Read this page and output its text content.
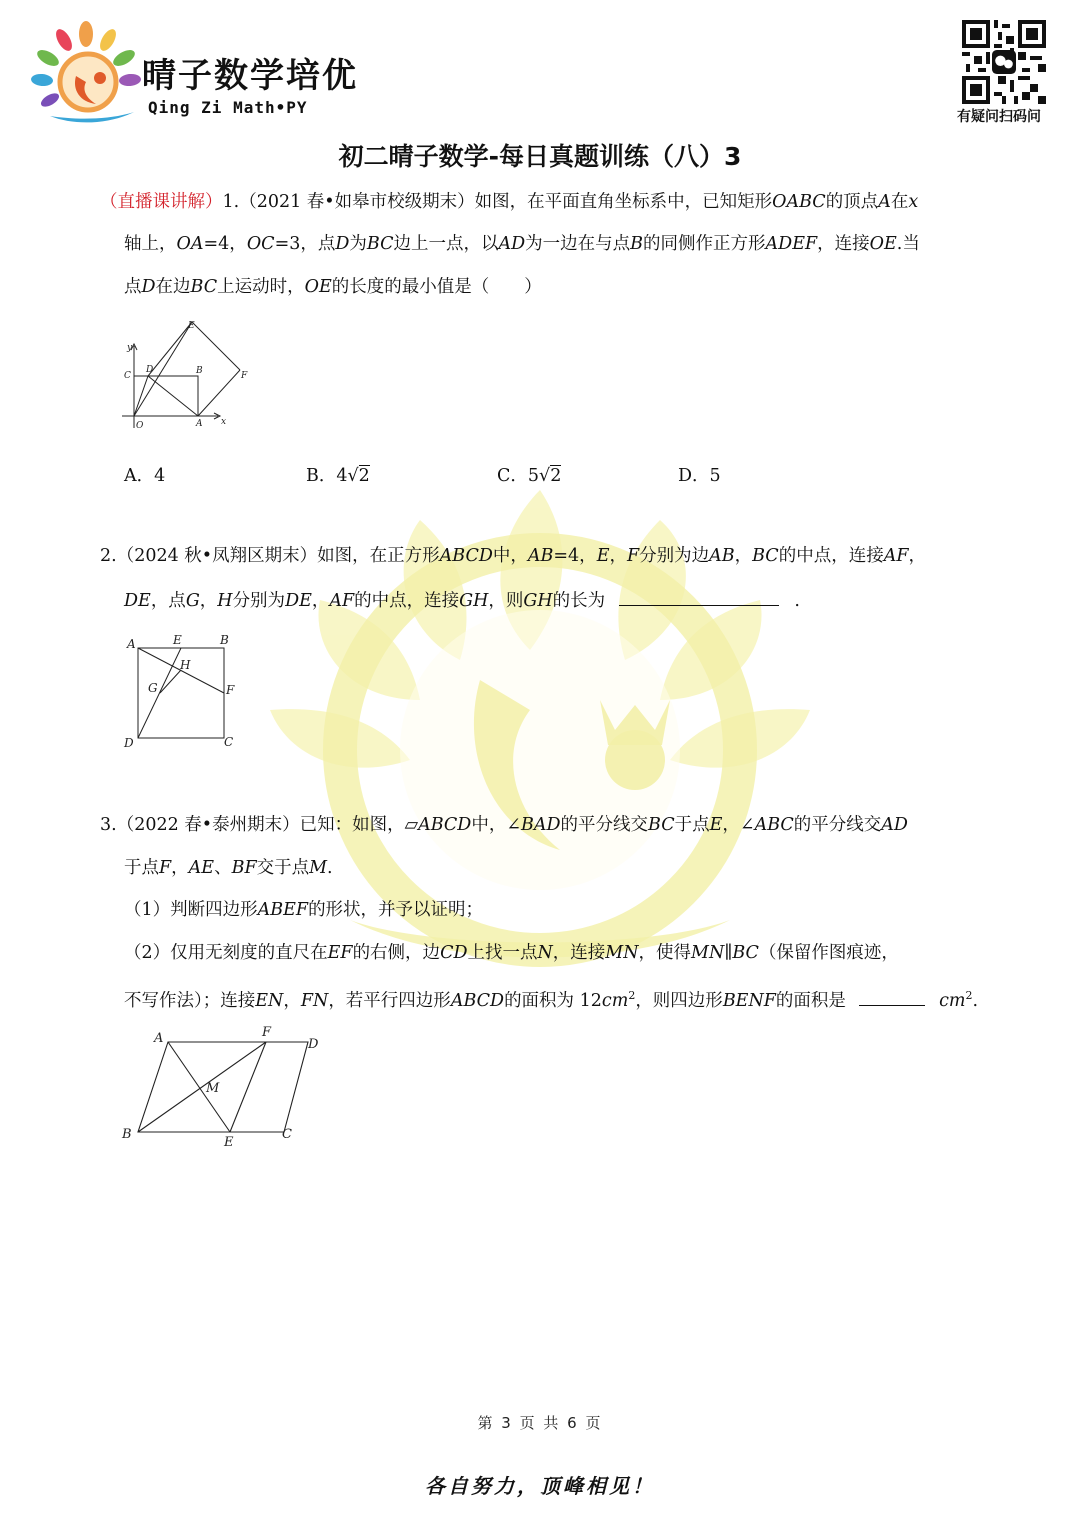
晴子数学培优
Qing Zi Math•PY	有疑问扫码问
初二晴子数学-每日真题训练（八）3
（直播课讲解）1.（2021 春•如皋市校级期末）如图，在平面直角坐标系中，已知矩形OABC的顶点A在x
轴上，OA=4，OC=3，点D为BC边上一点，以AD为一边在与点B的同侧作正方形ADEF，连接OE.当
点D在边BC上运动时，OE的长度的最小值是（　　）
y
x
O	A
B
C
D
E
F
A．4	B．4√2	C．5√2	D．5
2.（2024 秋•凤翔区期末）如图，在正方形ABCD中，AB=4，E，F分别为边AB，BC的中点，连接AF，
DE，点G，H分别为DE，AF的中点，连接GH，则GH的长为	.
A	B
C
D
E
F
G
H
3.（2022 春•泰州期末）已知：如图，▱ABCD中，∠BAD的平分线交BC于点E，∠ABC的平分线交AD
于点F，AE、BF交于点M.
（1）判断四边形ABEF的形状，并予以证明；
（2）仅用无刻度的直尺在EF的右侧，边CD上找一点N，连接MN，使得MN∥BC（保留作图痕迹，
不写作法）；连接EN，FN，若平行四边形ABCD的面积为 $12cm^2$，则四边形BENF的面积是	$cm^2$.
A
B	C
D
E
F
M
第 3 页 共 6 页
各自努力，顶峰相见！
